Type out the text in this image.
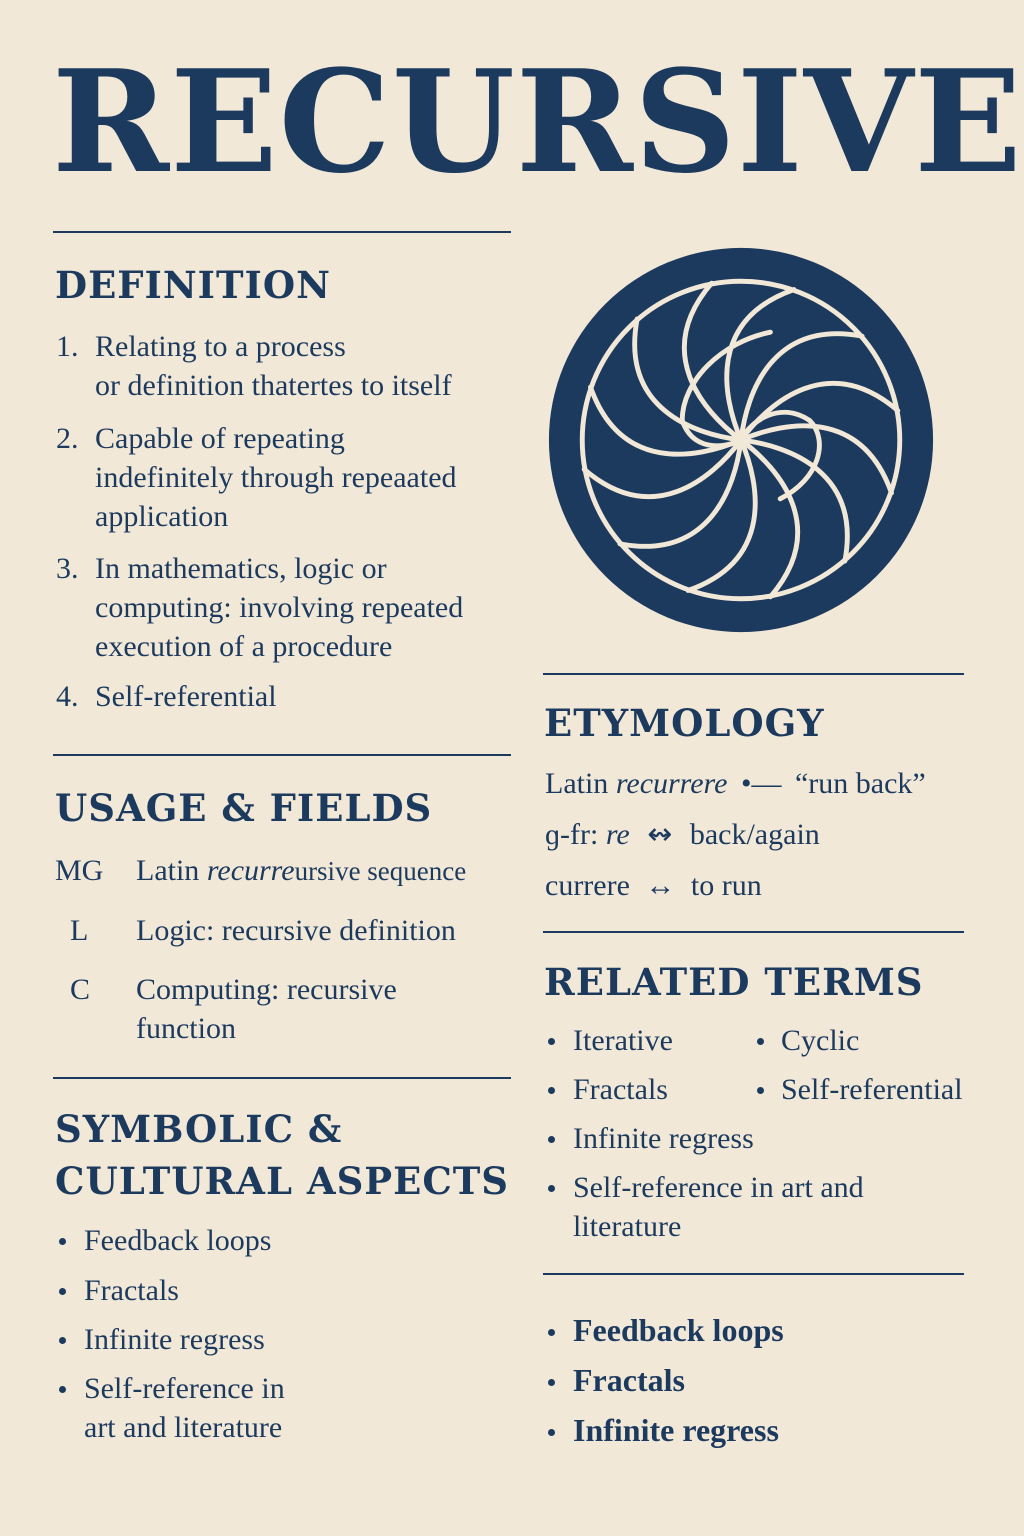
RECURSIVE
DEFINITION
1. Relating to a process
or definition thatertes to itself
2. Capable of repeating
indefinitely through repeaated
application
3. In mathematics, logic or
computing: involving repeated
execution of a procedure
4. Self-referential
USAGE & FIELDS
MG Latin recurreursive sequence
L Logic: recursive definition
C Computing: recursive
function
SYMBOLIC &
CULTURAL ASPECTS
Feedback loops
Fractals
Infinite regress
Self-reference in
art and literature
ETYMOLOGY
Latin recurrere •— “run back”
ɡ-fr: re ↭ back/again
currere ↔ to run
RELATED TERMS
Iterative	Cyclic
Fractals	Self-referential
Infinite regress
Self-reference in art and
literature
Feedback loops
Fractals
Infinite regress
